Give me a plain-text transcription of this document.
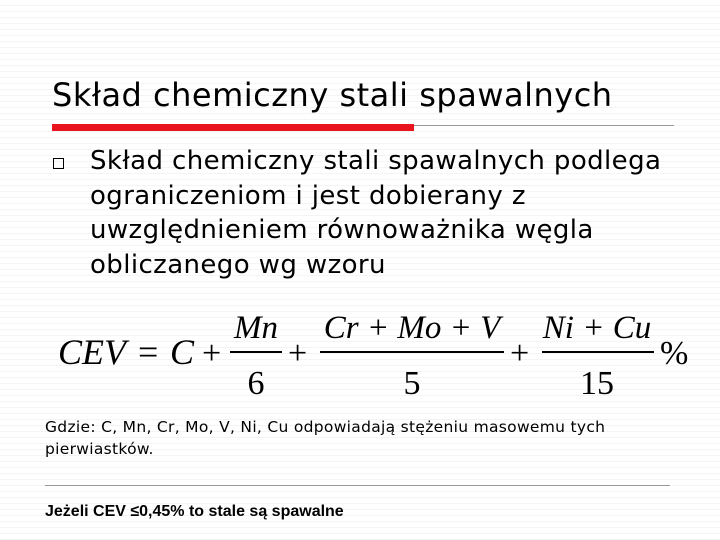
Skład chemiczny stali spawalnych
Skład chemiczny stali spawalnych podlega ograniczeniom i jest dobierany z uwzględnieniem równoważnika węgla obliczanego wg wzoru
CEV = C +
Mn
6
+
Cr + Mo + V
5
+
Ni + Cu
15
%
Gdzie: C, Mn, Cr, Mo, V, Ni, Cu odpowiadają stężeniu masowemu tych pierwiastków.
Jeżeli CEV ≤0,45% to stale są spawalne
